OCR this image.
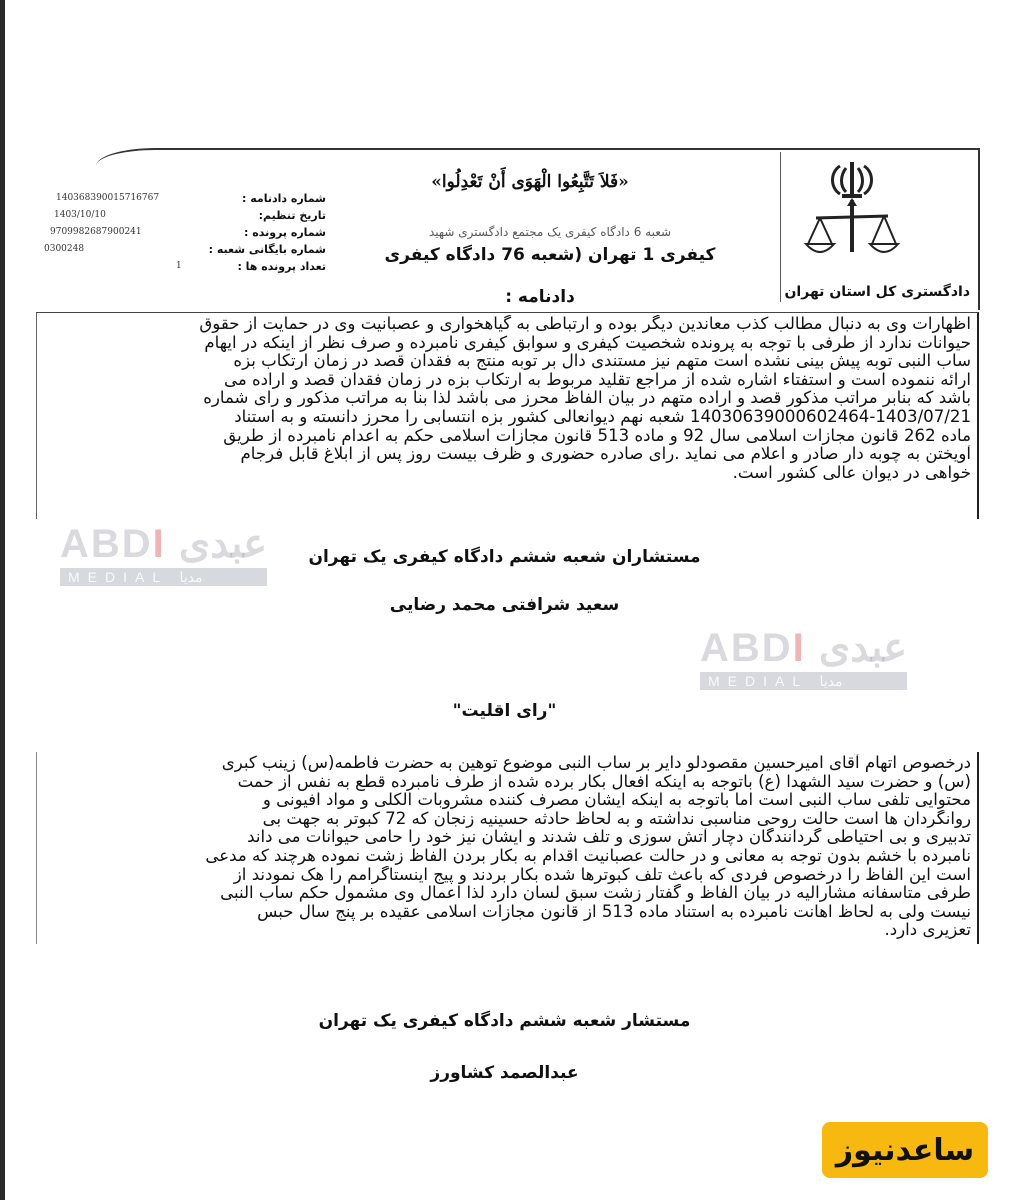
دادگستری کل استان تهران
«فَلاَ تَتَّبِعُوا الْهَوَى أَنْ تَعْدِلُوا»
شعبه 6 دادگاه کیفری یک مجتمع دادگستری شهید
کیفری 1 تهران (شعبه 76 دادگاه کیفری
دادنامه :
شماره دادنامه :
تاریخ تنظیم:
شماره پرونده :
شماره بایگانی شعبه :
تعداد پرونده ها :
140368390015716767
1403/10/10
9709982687900241
0300248
1
اظهارات وی به دنبال مطالب کذب معاندین دیگر بوده و ارتباطی به گیاهخواری و عصبانیت وی در حمایت از حقوق
حیوانات ندارد از طرفی با توجه به پرونده شخصیت کیفری و سوابق کیفری نامبرده و صرف نظر از اینکه در ایهام
ساب النبی توبه پیش بینی نشده است متهم نیز مستندی دال بر توبه منتج به فقدان قصد در زمان ارتکاب بزه
ارائه ننموده است و استفتاء اشاره شده از مراجع تقلید مربوط به ارتکاب بزه در زمان فقدان قصد و اراده می
باشد که بنابر مراتب مذکور قصد و اراده متهم در بیان الفاظ محرز می باشد لذا بنا به مراتب مذکور و رای شماره
14030639000602464-1403/07/21 شعبه نهم دیوانعالی کشور بزه انتسابی را محرز دانسته و به استناد
ماده 262 قانون مجازات اسلامی سال 92 و ماده 513 قانون مجازات اسلامی حکم به اعدام نامبرده از طریق
آویختن به چوبه دار صادر و اعلام می نماید .رای صادره حضوری و ظرف بیست روز پس از ابلاغ قابل فرجام
خواهی در دیوان عالی کشور است.
ABDI عبدی
MEDIAL مدیا
مستشاران شعبه ششم دادگاه کیفری یک تهران
سعید شرافتی محمد رضایی
ABDI عبدی
MEDIAL مدیا
"رای اقلیت"
درخصوص اتهام آقای امیرحسین مقصودلو دایر بر ساب النبی موضوع توهین به حضرت فاطمه(س) زینب کبری
(س) و حضرت سید الشهدا (ع) باتوجه به اینکه افعال بکار برده شده از طرف نامبرده قطع به نفس از حمت
محتوایی تلفی ساب النبی است اما باتوجه به اینکه ایشان مصرف کننده مشروبات الکلی و مواد افیونی و
روانگردان ها است حالت روحی مناسبی نداشته و به لحاظ حادثه حسینیه زنجان که 72 کبوتر به جهت بی
تدبیری و بی احتیاطی گردانندگان دچار آتش سوزی و تلف شدند و ایشان نیز خود را حامی حیوانات می داند
نامبرده با خشم بدون توجه به معانی و در حالت عصبانیت اقدام به بکار بردن الفاظ زشت نموده هرچند که مدعی
است این الفاظ را درخصوص فردی که باعث تلف کبوترها شده بکار بردند و پیج اینستاگرامم را هک نمودند از
طرفی متاسفانه مشارالیه در بیان الفاظ و گفتار زشت سبق لسان دارد لذا اعمال وی مشمول حکم ساب النبی
نیست ولی به لحاظ اهانت نامبرده به استناد ماده 513 از قانون مجازات اسلامی عقیده بر پنج سال حبس
تعزیری دارد.
مستشار شعبه ششم دادگاه کیفری یک تهران
عبدالصمد کشاورز
ساعدنیوز
